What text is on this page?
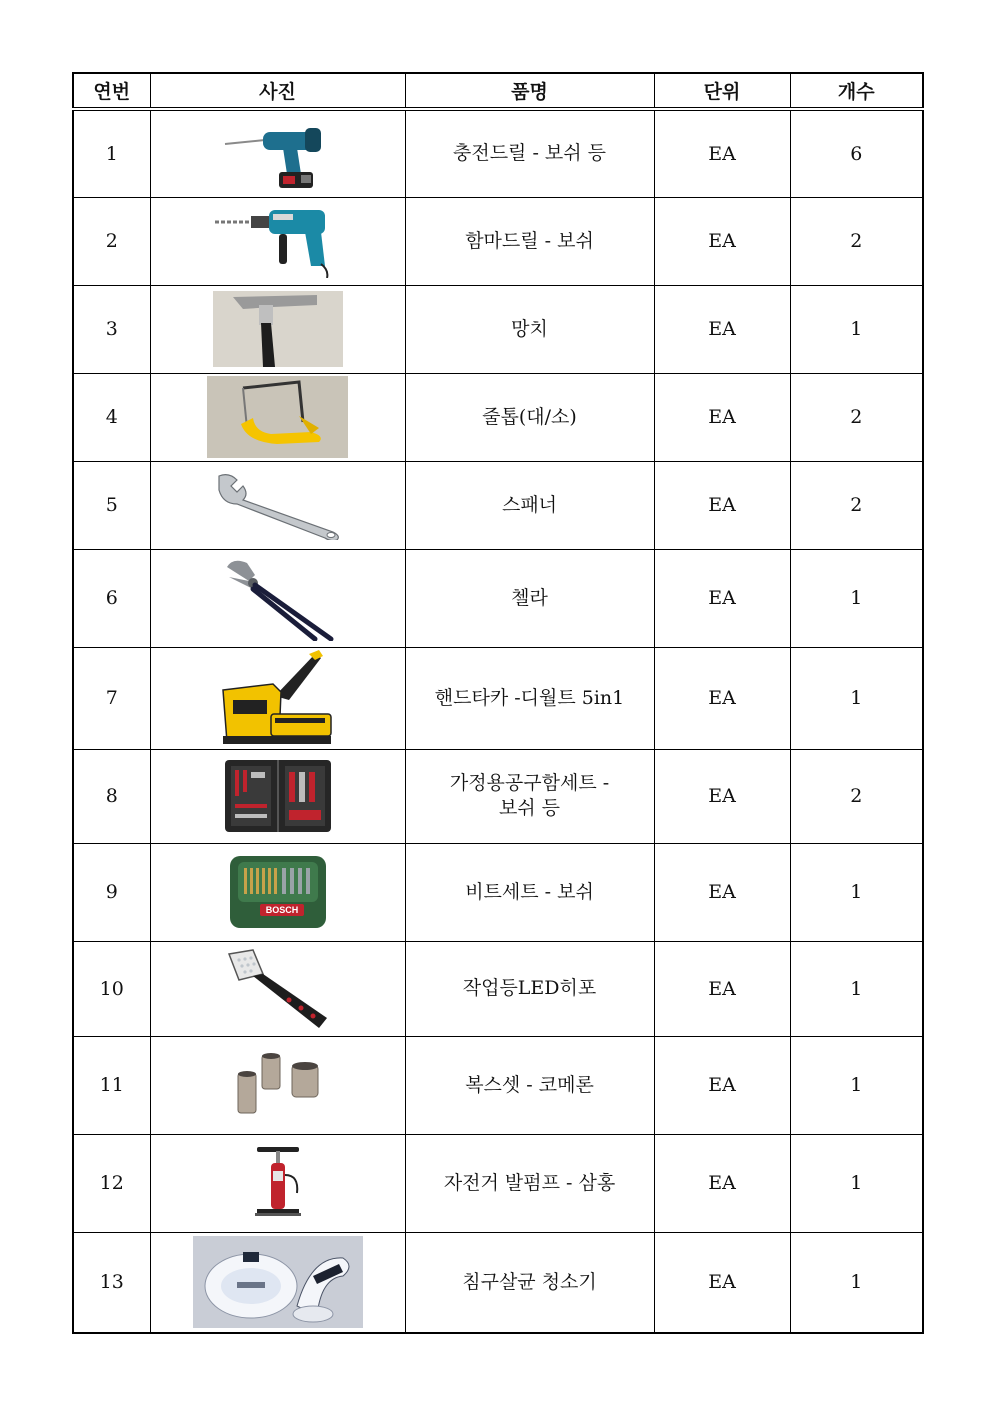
연번	사진	품명	단위	개수
1		충전드릴 - 보쉬 등	EA	6
2		함마드릴 - 보쉬	EA	2
3		망치	EA	1
4		줄톱(대/소)	EA	2
5		스패너	EA	2
6		첼라	EA	1
7		핸드타카 -디월트 5in1	EA	1
8		가정용공구함세트 -
보쉬 등	EA	2
9	BOSCH	비트세트 - 보쉬	EA	1
10		작업등LED히포	EA	1
11		복스셋 - 코메론	EA	1
12		자전거 발펌프 - 삼홍	EA	1
13		침구살균 청소기	EA	1
